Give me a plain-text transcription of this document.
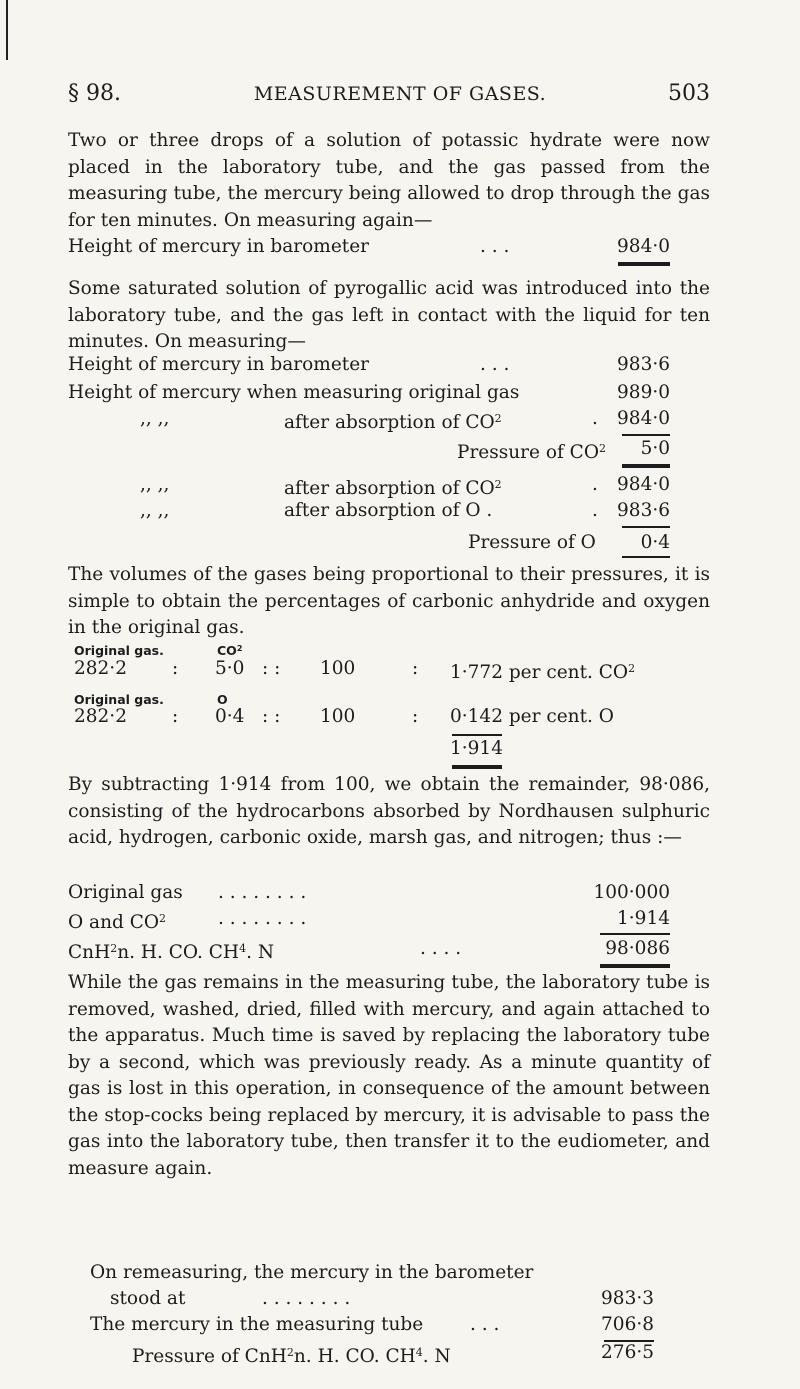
§ 98.	MEASUREMENT OF GASES.	503

Two or three drops of a solution of potassic hydrate were now placed in the laboratory tube, and the gas passed from the measuring tube, the mercury being allowed to drop through the gas for ten minutes. On measuring again—

Height of mercury in barometer	. . .	984·0

Some saturated solution of pyrogallic acid was introduced into the laboratory tube, and the gas left in contact with the liquid for ten minutes. On measuring—

Height of mercury in barometer	. . .	983·6
Height of mercury when measuring original gas	989·0
,, ,,	after absorption of $CO^2$	.	984·0
Pressure of $CO^2$	5·0
,, ,,	after absorption of $CO^2$	.	984·0
,, ,,	after absorption of O .	.	983·6
Pressure of O	0·4

The volumes of the gases being proportional to their pressures, it is simple to obtain the percentages of carbonic anhydride and oxygen in the original gas.

Original gas.	$CO^2$
282·2 : 5·0 : : 100	: 1·772 per cent. $CO^2$
Original gas.	O
282·2 : 0·4 : : 100	: 0·142 per cent. O
1·914

By subtracting 1·914 from 100, we obtain the remainder, 98·086, consisting of the hydrocarbons absorbed by Nordhausen sulphuric acid, hydrogen, carbonic oxide, marsh gas, and nitrogen; thus :—

Original gas . . . . . . . .	100·000
O and $CO^2$	. . . . . . . .	1·914
CnH$^2$n. H. CO. $CH^4$. N	. . . .	98·086

While the gas remains in the measuring tube, the laboratory tube is removed, washed, dried, filled with mercury, and again attached to the apparatus. Much time is saved by replacing the laboratory tube by a second, which was previously ready. As a minute quantity of gas is lost in this operation, in consequence of the amount between the stop-cocks being replaced by mercury, it is advisable to pass the gas into the laboratory tube, then transfer it to the eudiometer, and measure again.

On remeasuring, the mercury in the barometer
stood at	. . . . . . . .	983·3
The mercury in the measuring tube	. . .	706·8
Pressure of CnH$^2$n. H. CO. $CH^4$. N	276·5
